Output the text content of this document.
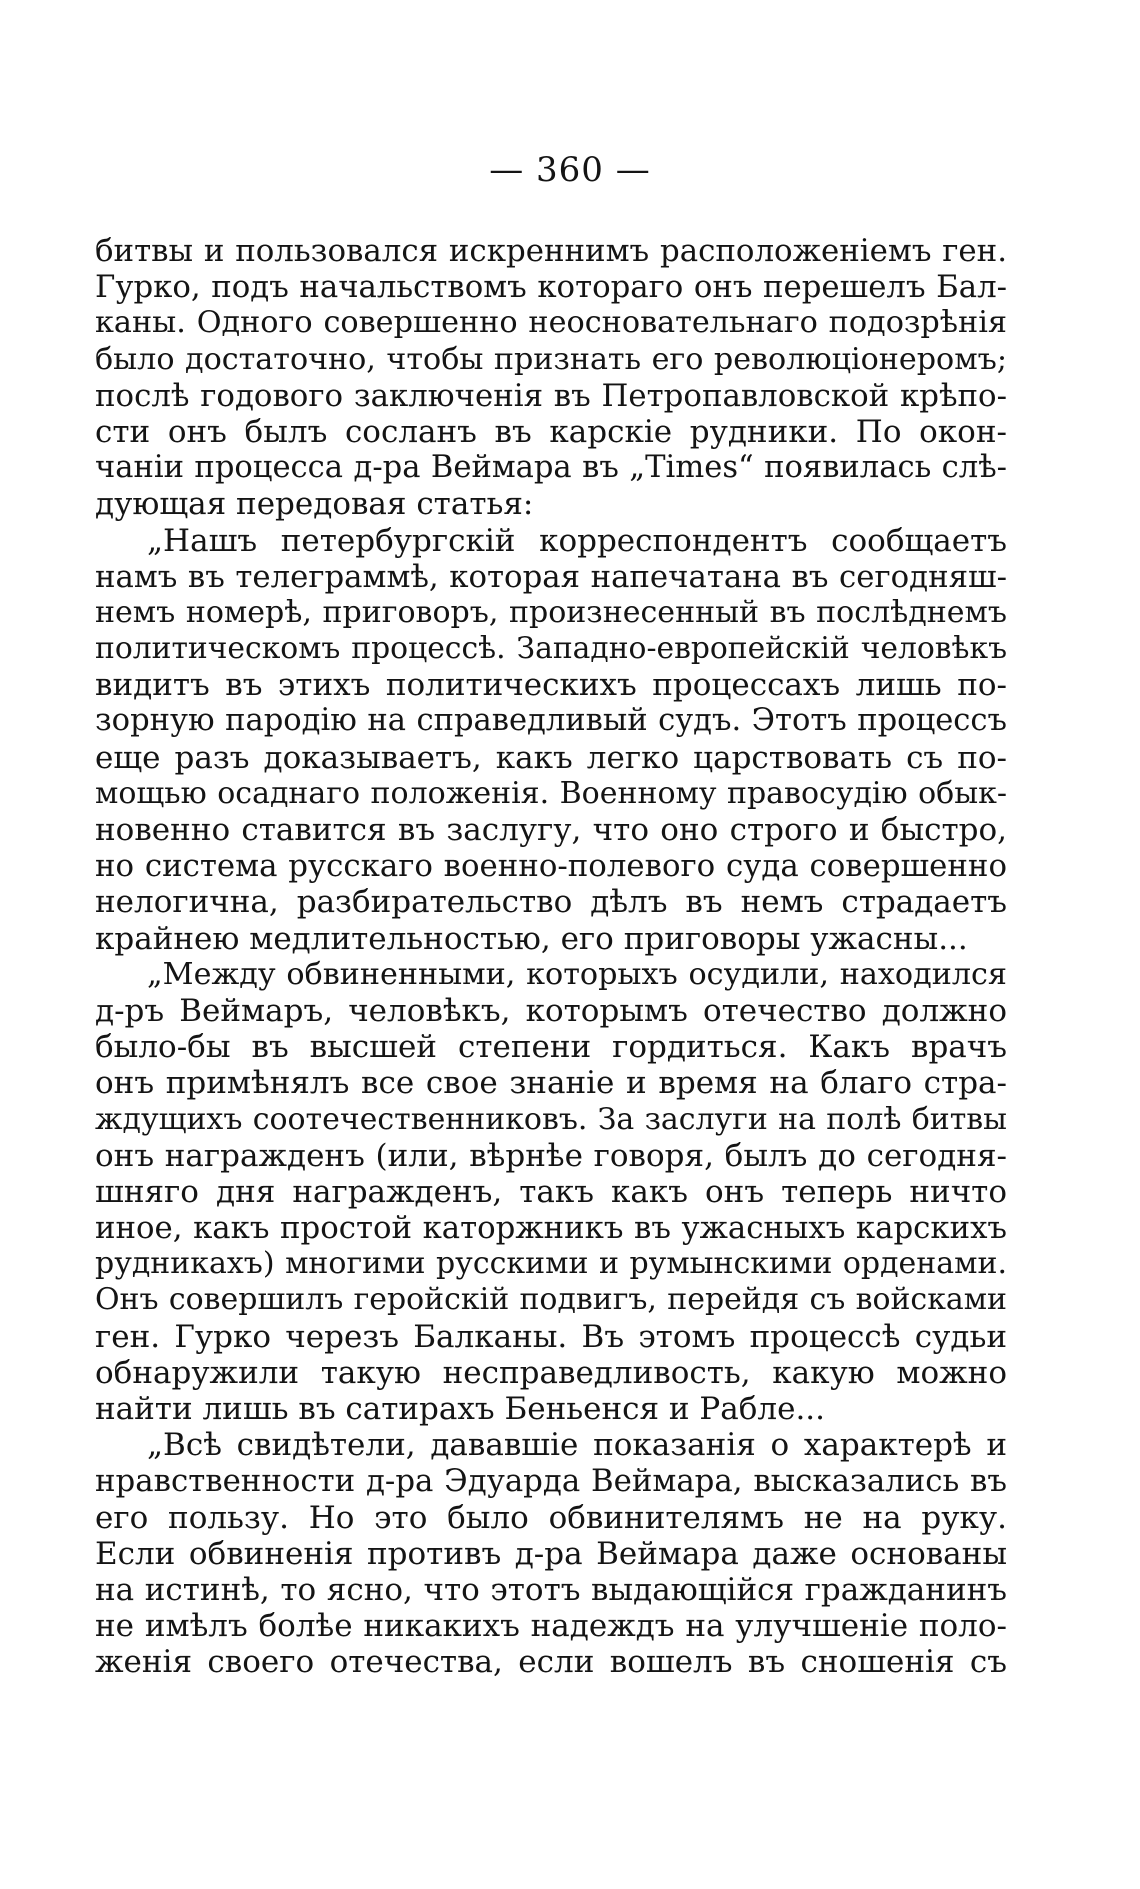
— 360 —
битвы и пользовался искреннимъ расположеніемъ ген.
Гурко, подъ начальствомъ котораго онъ перешелъ Бал-
каны. Одного совершенно неосновательнаго подозрѣнія
было достаточно, чтобы признать его революціонеромъ;
послѣ годового заключенія въ Петропавловской крѣпо-
сти онъ былъ сосланъ въ карскіе рудники. По окон-
чаніи процесса д-ра Веймара въ „Times“ появилась слѣ-
дующая передовая статья:
„Нашъ петербургскій корреспондентъ сообщаетъ
намъ въ телеграммѣ, которая напечатана въ сегодняш-
немъ номерѣ, приговоръ, произнесенный въ послѣднемъ
политическомъ процессѣ. Западно-европейскій человѣкъ
видитъ въ этихъ политическихъ процессахъ лишь по-
зорную пародію на справедливый судъ. Этотъ процессъ
еще разъ доказываетъ, какъ легко царствовать съ по-
мощью осаднаго положенія. Военному правосудію обык-
новенно ставится въ заслугу, что оно строго и быстро,
но система русскаго военно-полевого суда совершенно
нелогична, разбирательство дѣлъ въ немъ страдаетъ
крайнею медлительностью, его приговоры ужасны...
„Между обвиненными, которыхъ осудили, находился
д-ръ Веймаръ, человѣкъ, которымъ отечество должно
было-бы въ высшей степени гордиться. Какъ врачъ
онъ примѣнялъ все свое знаніе и время на благо стра-
ждущихъ соотечественниковъ. За заслуги на полѣ битвы
онъ награжденъ (или, вѣрнѣе говоря, былъ до сегодня-
шняго дня награжденъ, такъ какъ онъ теперь ничто
иное, какъ простой каторжникъ въ ужасныхъ карскихъ
рудникахъ) многими русскими и румынскими орденами.
Онъ совершилъ геройскій подвигъ, перейдя съ войсками
ген. Гурко черезъ Балканы. Въ этомъ процессѣ судьи
обнаружили такую несправедливость, какую можно
найти лишь въ сатирахъ Беньенся и Рабле...
„Всѣ свидѣтели, дававшіе показанія о характерѣ и
нравственности д-ра Эдуарда Веймара, высказались въ
его пользу. Но это было обвинителямъ не на руку.
Если обвиненія противъ д-ра Веймара даже основаны
на истинѣ, то ясно, что этотъ выдающійся гражданинъ
не имѣлъ болѣе никакихъ надеждъ на улучшеніе поло-
женія своего отечества, если вошелъ въ сношенія съ
